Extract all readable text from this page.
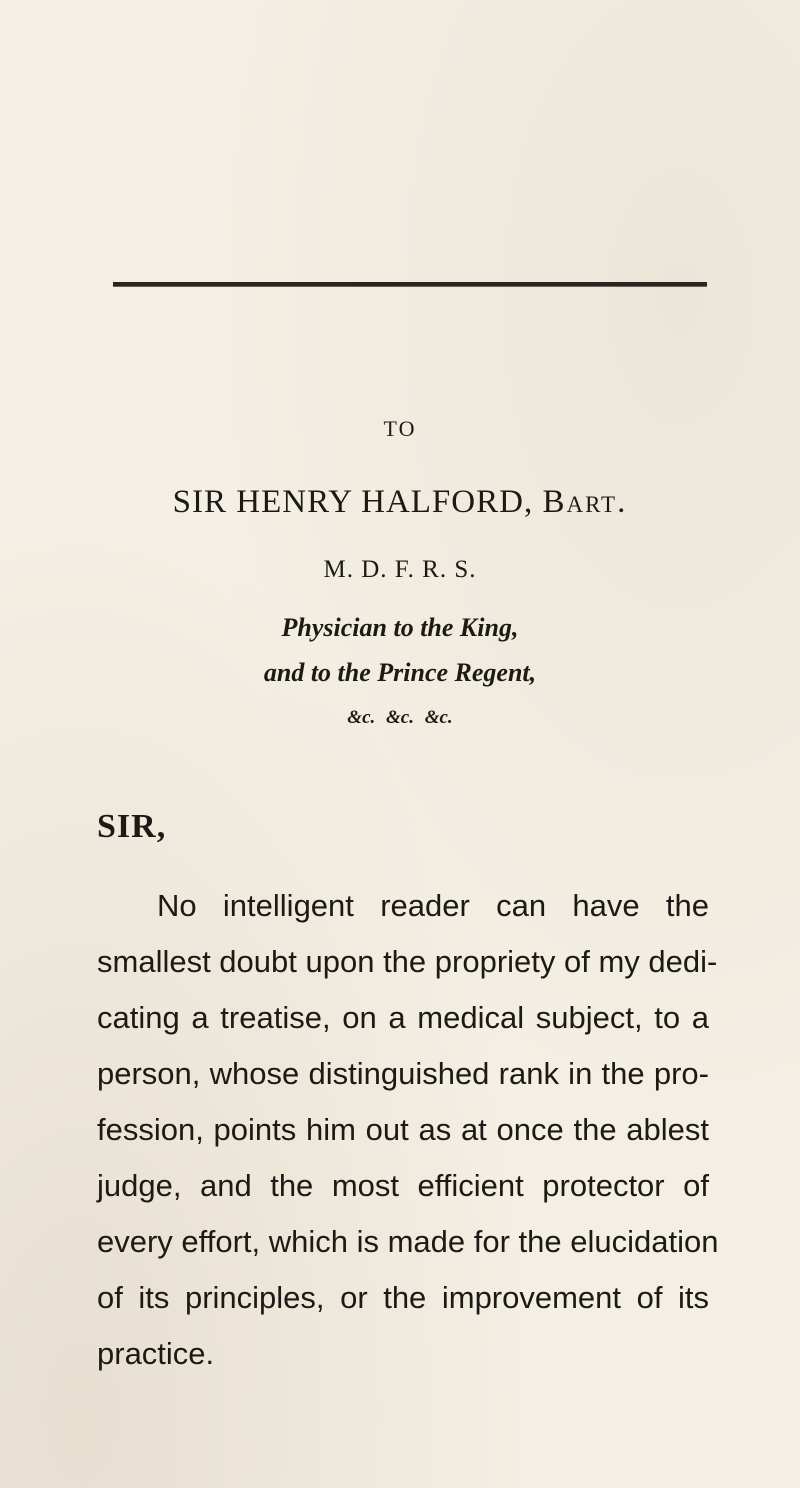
TO
SIR HENRY HALFORD, Bart.
M. D. F. R. S.
Physician to the King,
and to the Prince Regent,
&c. &c. &c.
SIR,
No intelligent reader can have the
smallest doubt upon the propriety of my dedi-
cating a treatise, on a medical subject, to a
person, whose distinguished rank in the pro-
fession, points him out as at once the ablest
judge, and the most efficient protector of
every effort, which is made for the elucidation
of its principles, or the improvement of its
practice.
